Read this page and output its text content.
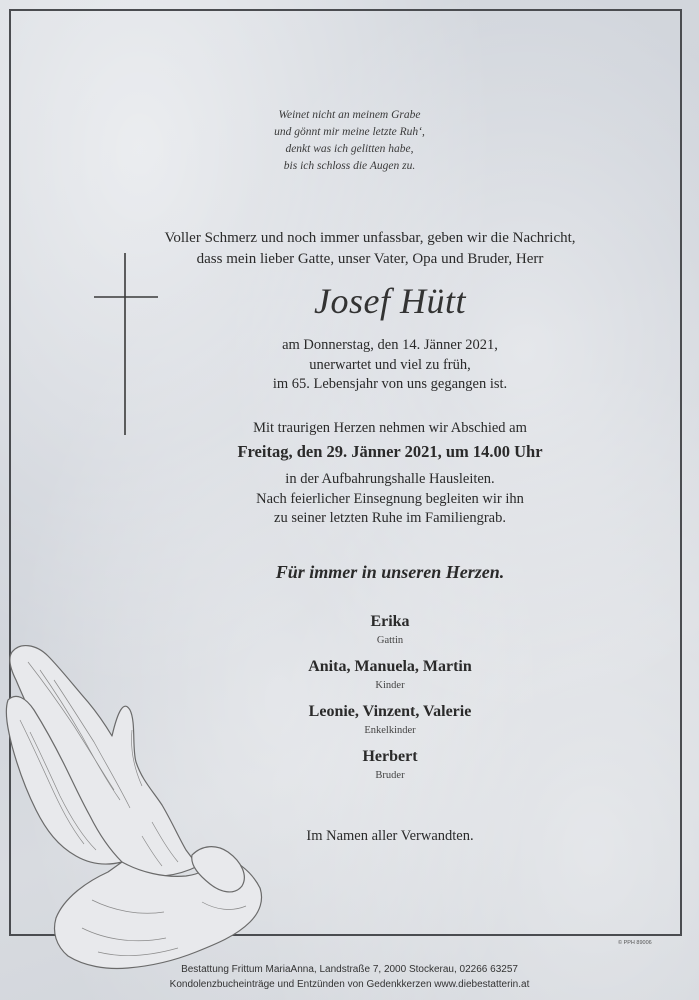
Weinet nicht an meinem Grabe
und gönnt mir meine letzte Ruh‘,
denkt was ich gelitten habe,
bis ich schloss die Augen zu.
Voller Schmerz und noch immer unfassbar, geben wir die Nachricht,
dass mein lieber Gatte, unser Vater, Opa und Bruder, Herr
Josef Hütt
am Donnerstag, den 14. Jänner 2021,
unerwartet und viel zu früh,
im 65. Lebensjahr von uns gegangen ist.
Mit traurigen Herzen nehmen wir Abschied am
Freitag, den 29. Jänner 2021, um 14.00 Uhr
in der Aufbahrungshalle Hausleiten.
Nach feierlicher Einsegnung begleiten wir ihn
zu seiner letzten Ruhe im Familiengrab.
Für immer in unseren Herzen.
Erika
Gattin
Anita, Manuela, Martin
Kinder
Leonie, Vinzent, Valerie
Enkelkinder
Herbert
Bruder
Im Namen aller Verwandten.
© PPH 89006
Bestattung Frittum MariaAnna, Landstraße 7, 2000 Stockerau, 02266 63257
Kondolenzbucheinträge und Entzünden von Gedenkkerzen www.diebestatterin.at
